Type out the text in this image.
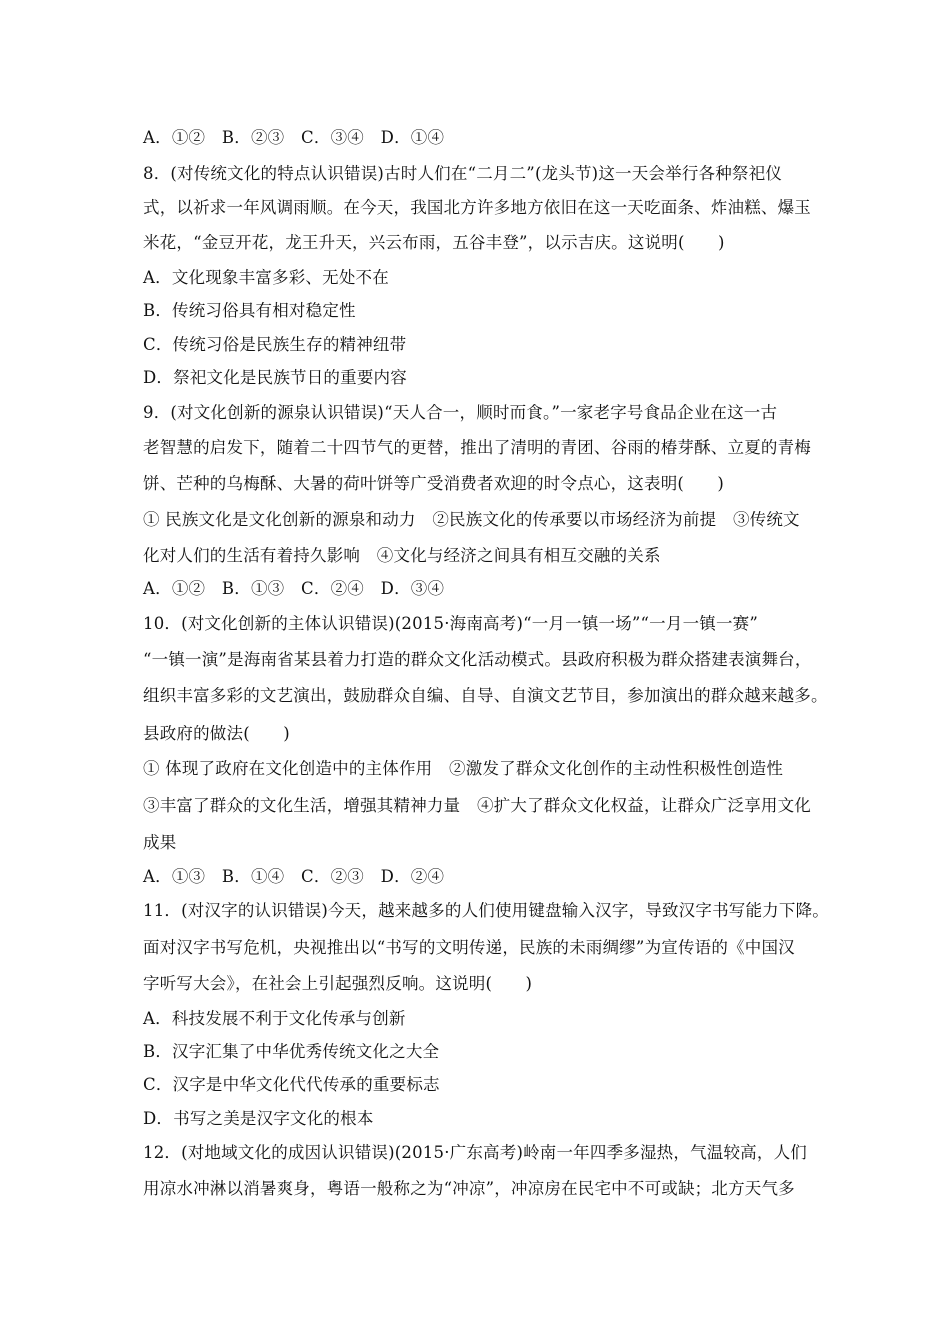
A．①②　B．②③　C．③④　D．①④
8．(对传统文化的特点认识错误)古时人们在“二月二”(龙头节)这一天会举行各种祭祀仪
式，以祈求一年风调雨顺。在今天，我国北方许多地方依旧在这一天吃面条、炸油糕、爆玉
米花，“金豆开花，龙王升天，兴云布雨，五谷丰登”，以示吉庆。这说明(　　)
A．文化现象丰富多彩、无处不在
B．传统习俗具有相对稳定性
C．传统习俗是民族生存的精神纽带
D．祭祀文化是民族节日的重要内容
9．(对文化创新的源泉认识错误)“天人合一，顺时而食。”一家老字号食品企业在这一古
老智慧的启发下，随着二十四节气的更替，推出了清明的青团、谷雨的椿芽酥、立夏的青梅
饼、芒种的乌梅酥、大暑的荷叶饼等广受消费者欢迎的时令点心，这表明(　　)
① 民族文化是文化创新的源泉和动力　②民族文化的传承要以市场经济为前提　③传统文
化对人们的生活有着持久影响　④文化与经济之间具有相互交融的关系
A．①②　B．①③　C．②④　D．③④
10．(对文化创新的主体认识错误)(2015·海南高考)“一月一镇一场”“一月一镇一赛”
“一镇一演”是海南省某县着力打造的群众文化活动模式。县政府积极为群众搭建表演舞台，
组织丰富多彩的文艺演出，鼓励群众自编、自导、自演文艺节目，参加演出的群众越来越多。
县政府的做法(　　)
① 体现了政府在文化创造中的主体作用　②激发了群众文化创作的主动性积极性创造性
③丰富了群众的文化生活，增强其精神力量　④扩大了群众文化权益，让群众广泛享用文化
成果
A．①③　B．①④　C．②③　D．②④
11．(对汉字的认识错误)今天，越来越多的人们使用键盘输入汉字，导致汉字书写能力下降。
面对汉字书写危机，央视推出以“书写的文明传递，民族的未雨绸缪”为宣传语的《中国汉
字听写大会》，在社会上引起强烈反响。这说明(　　)
A．科技发展不利于文化传承与创新
B．汉字汇集了中华优秀传统文化之大全
C．汉字是中华文化代代传承的重要标志
D．书写之美是汉字文化的根本
12．(对地域文化的成因认识错误)(2015·广东高考)岭南一年四季多湿热，气温较高，人们
用凉水冲淋以消暑爽身，粤语一般称之为“冲凉”，冲凉房在民宅中不可或缺；北方天气多
